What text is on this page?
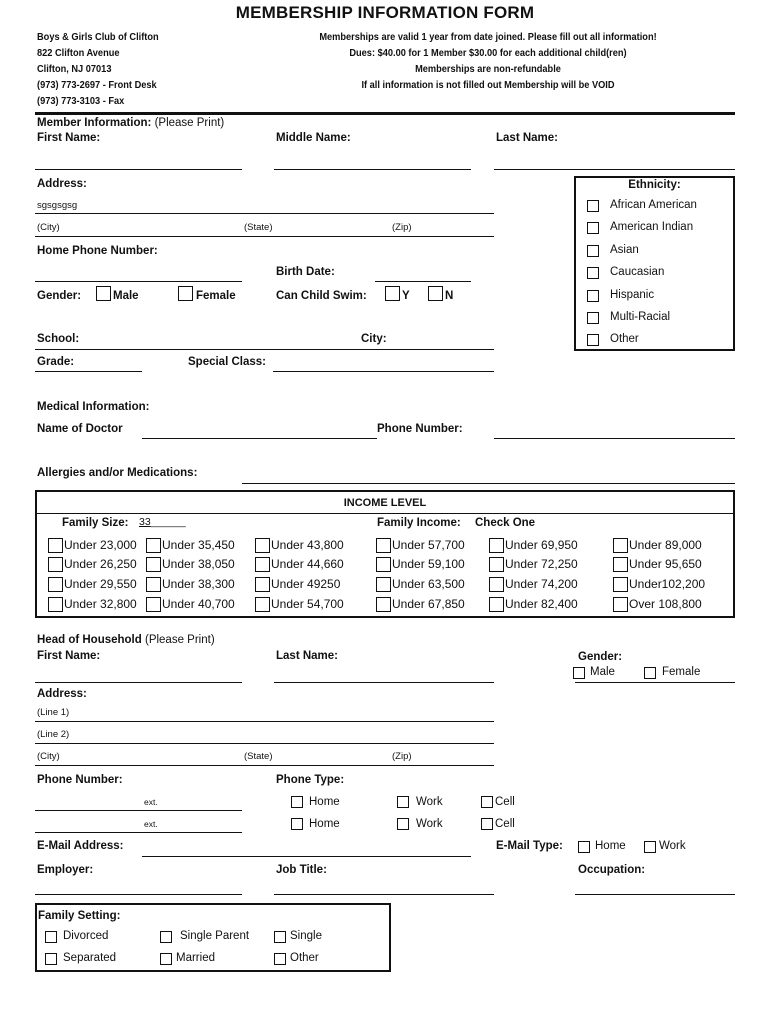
MEMBERSHIP INFORMATION FORM
Boys & Girls Club of Clifton
822 Clifton Avenue
Clifton, NJ 07013
(973) 773-2697 - Front Desk
(973) 773-3103 - Fax
Memberships are valid 1 year from date joined. Please fill out all information!
Dues: $40.00 for 1 Member $30.00 for each additional child(ren)
Memberships are non-refundable
If all information is not filled out Membership will be VOID
Member Information: (Please Print)
First Name:	Middle Name:	Last Name:
Address:
sgsgsgsg
(City)	(State)	(Zip)
Home Phone Number:
Birth Date:
Gender:	Male	Female	Can Child Swim:	Y	N
Ethnicity:
African American
American Indian
Asian
Caucasian
Hispanic
Multi-Racial
Other
School:	City:
Grade:	Special Class:
Medical Information:
Name of Doctor	Phone Number:
Allergies and/or Medications:
INCOME LEVEL
Family Size: 33______	Family Income: Check One
Under 23,000 Under 35,450	Under 43,800	Under 57,700	Under 69,950	Under 89,000
Under 26,250 Under 38,050	Under 44,660	Under 59,100	Under 72,250	Under 95,650
Under 29,550 Under 38,300	Under 49250	Under 63,500	Under 74,200	Under102,200
Under 32,800 Under 40,700	Under 54,700	Under 67,850	Under 82,400	Over 108,800
Head of Household (Please Print)
First Name:	Last Name:	Gender:
Male	Female
Address:
(Line 1)
(Line 2)
(City)	(State)	(Zip)
Phone Number:	Phone Type:
ext.	Home	Work	Cell
ext.	Home	Work	Cell
E-Mail Address:	E-Mail Type:	Home	Work
Employer:	Job Title:	Occupation:
Family Setting:
Divorced	Single Parent	Single
Separated	Married	Other
